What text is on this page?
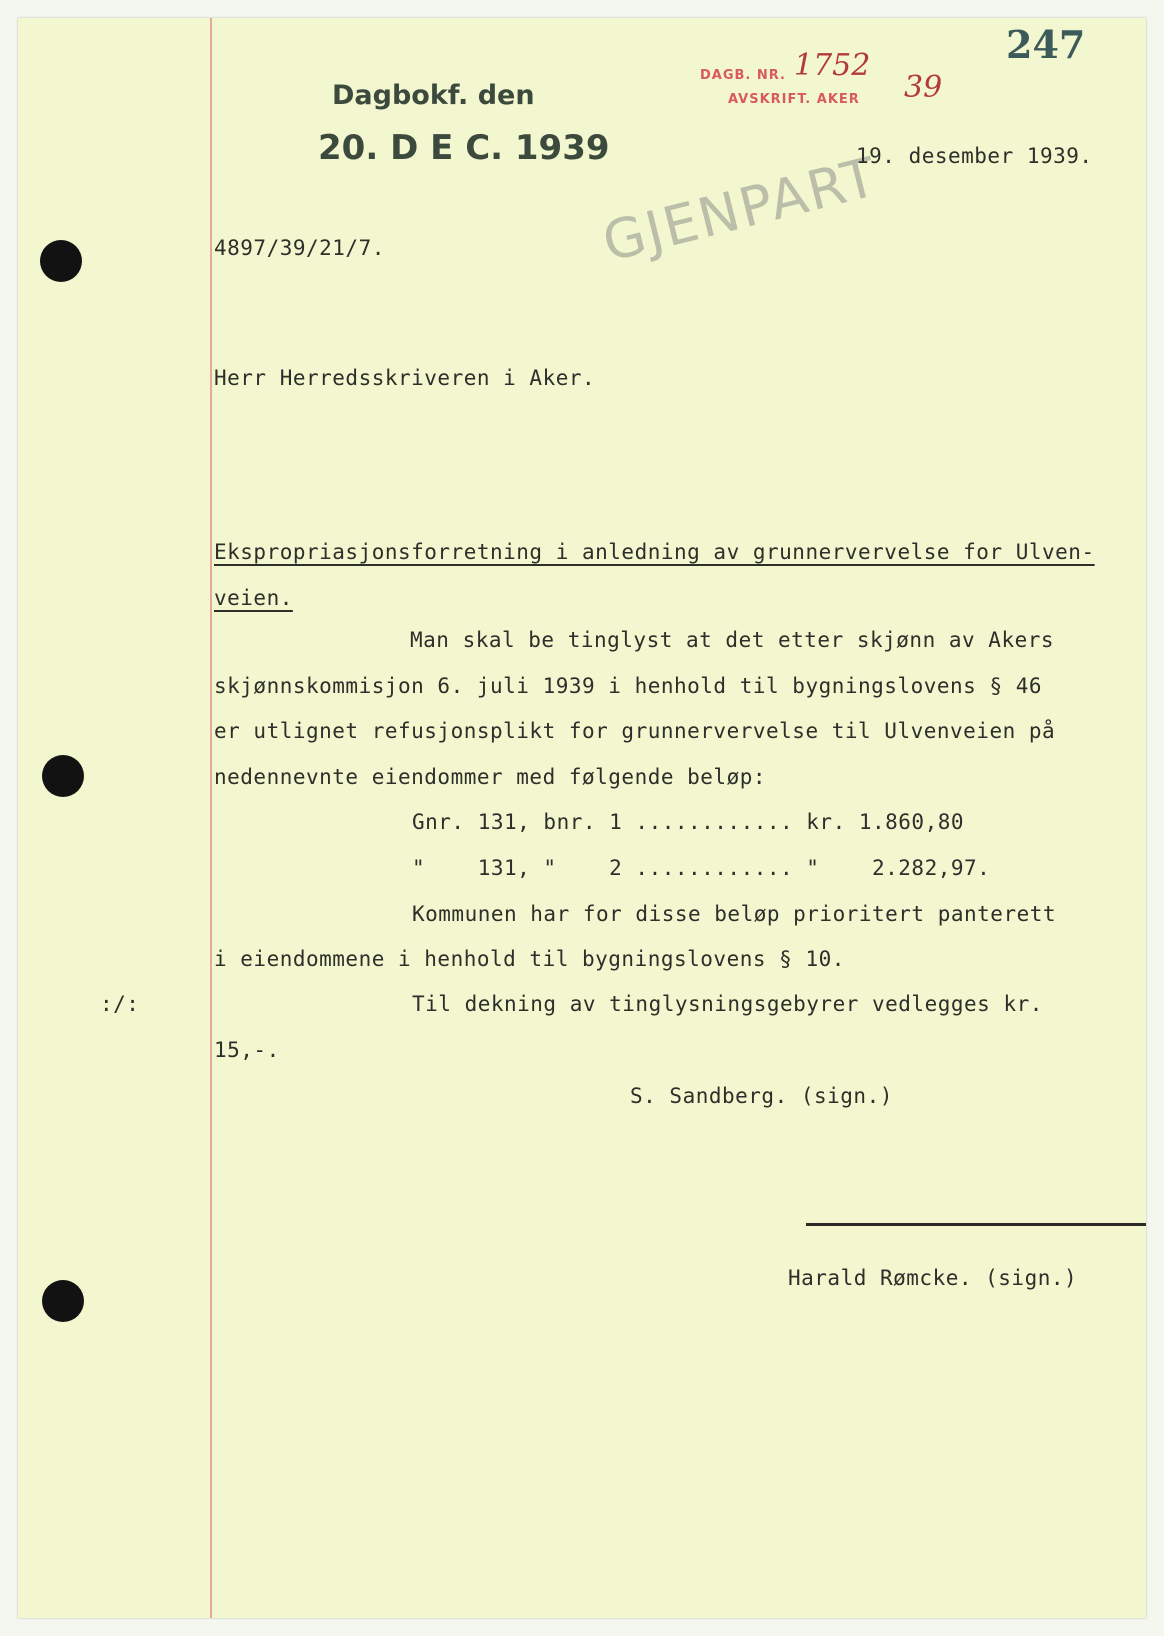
Dagbokf. den
20. D E C. 1939
DAGB. NR.
AVSKRIFT. AKER
1752
39
247
GJENPART
19. desember 1939.
4897/39/21/7.
Herr Herredsskriveren i Aker.
Ekspropriasjonsforretning i anledning av grunnervervelse for Ulven-
veien.
Man skal be tinglyst at det etter skjønn av Akers
skjønnskommisjon 6. juli 1939 i henhold til bygningslovens § 46
er utlignet refusjonsplikt for grunnervervelse til Ulvenveien på
nedennevnte eiendommer med følgende beløp:
Gnr. 131, bnr. 1 ............ kr. 1.860,80
"    131, "    2 ............ "    2.282,97.
Kommunen har for disse beløp prioritert panterett
i eiendommene i henhold til bygningslovens § 10.
:/:	Til dekning av tinglysningsgebyrer vedlegges kr.
15,-.
S. Sandberg. (sign.)
Harald Rømcke. (sign.)
